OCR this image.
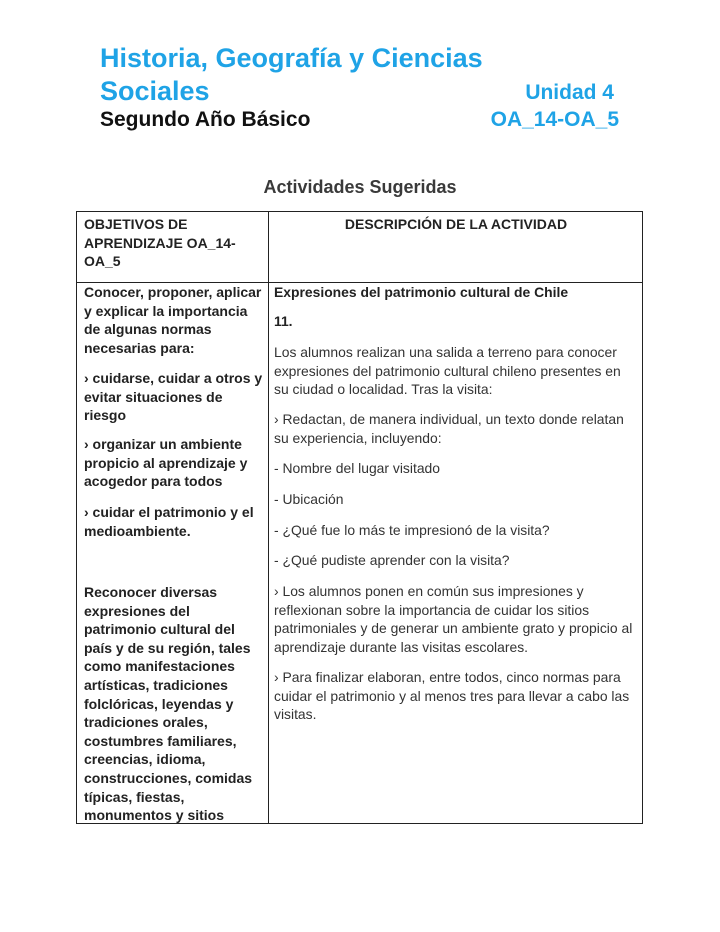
Historia, Geografía y Ciencias
Sociales	Unidad 4
Segundo Año Básico	OA_14-OA_5
Actividades Sugeridas
OBJETIVOS DE APRENDIZAJE OA_14-OA_5
DESCRIPCIÓN DE LA ACTIVIDAD

Conocer, proponer, aplicar y explicar la importancia de algunas normas necesarias para:

› cuidarse, cuidar a otros y evitar situaciones de riesgo

› organizar un ambiente propicio al aprendizaje y acogedor para todos

› cuidar el patrimonio y el medioambiente.

Reconocer diversas expresiones del patrimonio cultural del país y de su región, tales como manifestaciones artísticas, tradiciones folclóricas, leyendas y tradiciones orales, costumbres familiares, creencias, idioma, construcciones, comidas típicas, fiestas, monumentos y sitios

Expresiones del patrimonio cultural de Chile

11.

Los alumnos realizan una salida a terreno para conocer expresiones del patrimonio cultural chileno presentes en su ciudad o localidad. Tras la visita:

› Redactan, de manera individual, un texto donde relatan su experiencia, incluyendo:

- Nombre del lugar visitado

- Ubicación

- ¿Qué fue lo más te impresionó de la visita?

- ¿Qué pudiste aprender con la visita?

› Los alumnos ponen en común sus impresiones y reflexionan sobre la importancia de cuidar los sitios patrimoniales y de generar un ambiente grato y propicio al aprendizaje durante las visitas escolares.

› Para finalizar elaboran, entre todos, cinco normas para cuidar el patrimonio y al menos tres para llevar a cabo las visitas.
